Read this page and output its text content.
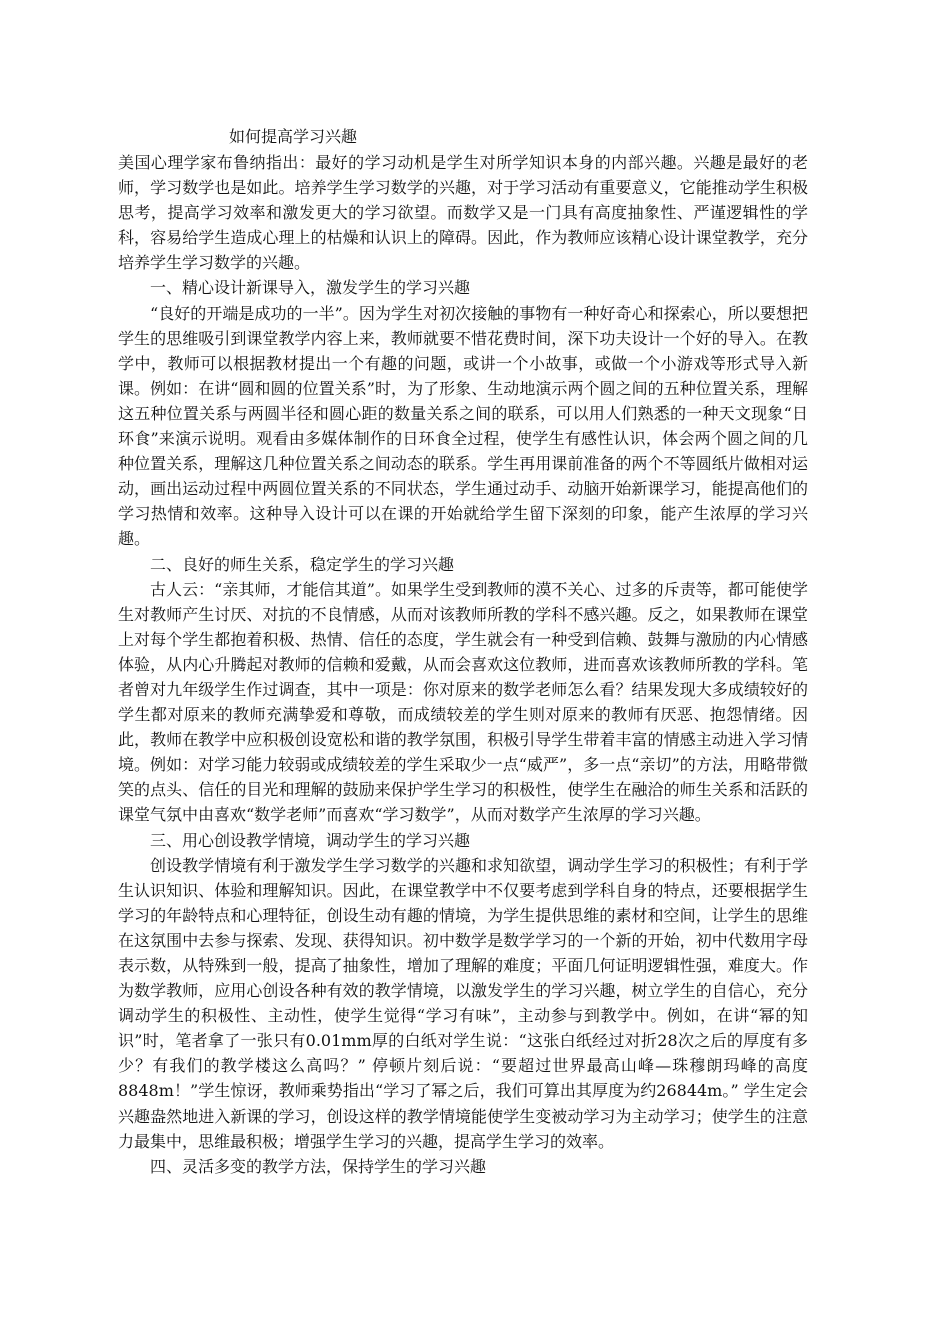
如何提高学习兴趣

美国心理学家布鲁纳指出：最好的学习动机是学生对所学知识本身的内部兴趣。兴趣是最好的老师，学习数学也是如此。培养学生学习数学的兴趣，对于学习活动有重要意义，它能推动学生积极思考，提高学习效率和激发更大的学习欲望。而数学又是一门具有高度抽象性、严谨逻辑性的学科，容易给学生造成心理上的枯燥和认识上的障碍。因此，作为教师应该精心设计课堂教学，充分培养学生学习数学的兴趣。

一、精心设计新课导入，激发学生的学习兴趣

“良好的开端是成功的一半”。因为学生对初次接触的事物有一种好奇心和探索心，所以要想把学生的思维吸引到课堂教学内容上来，教师就要不惜花费时间，深下功夫设计一个好的导入。在教学中，教师可以根据教材提出一个有趣的问题，或讲一个小故事，或做一个小游戏等形式导入新课。例如：在讲“圆和圆的位置关系”时，为了形象、生动地演示两个圆之间的五种位置关系，理解这五种位置关系与两圆半径和圆心距的数量关系之间的联系，可以用人们熟悉的一种天文现象“日环食”来演示说明。观看由多媒体制作的日环食全过程，使学生有感性认识，体会两个圆之间的几种位置关系，理解这几种位置关系之间动态的联系。学生再用课前准备的两个不等圆纸片做相对运动，画出运动过程中两圆位置关系的不同状态，学生通过动手、动脑开始新课学习，能提高他们的学习热情和效率。这种导入设计可以在课的开始就给学生留下深刻的印象，能产生浓厚的学习兴趣。

二、良好的师生关系，稳定学生的学习兴趣

古人云：“亲其师，才能信其道”。如果学生受到教师的漠不关心、过多的斥责等，都可能使学生对教师产生讨厌、对抗的不良情感，从而对该教师所教的学科不感兴趣。反之，如果教师在课堂上对每个学生都抱着积极、热情、信任的态度，学生就会有一种受到信赖、鼓舞与激励的内心情感体验，从内心升腾起对教师的信赖和爱戴，从而会喜欢这位教师，进而喜欢该教师所教的学科。笔者曾对九年级学生作过调查，其中一项是：你对原来的数学老师怎么看？结果发现大多成绩较好的学生都对原来的教师充满挚爱和尊敬，而成绩较差的学生则对原来的教师有厌恶、抱怨情绪。因此，教师在教学中应积极创设宽松和谐的教学氛围，积极引导学生带着丰富的情感主动进入学习情境。例如：对学习能力较弱或成绩较差的学生采取少一点“威严”，多一点“亲切”的方法，用略带微笑的点头、信任的目光和理解的鼓励来保护学生学习的积极性，使学生在融洽的师生关系和活跃的课堂气氛中由喜欢“数学老师”而喜欢“学习数学”，从而对数学产生浓厚的学习兴趣。

三、用心创设教学情境，调动学生的学习兴趣

创设教学情境有利于激发学生学习数学的兴趣和求知欲望，调动学生学习的积极性；有利于学生认识知识、体验和理解知识。因此，在课堂教学中不仅要考虑到学科自身的特点，还要根据学生学习的年龄特点和心理特征，创设生动有趣的情境，为学生提供思维的素材和空间，让学生的思维在这氛围中去参与探索、发现、获得知识。初中数学是数学学习的一个新的开始，初中代数用字母表示数，从特殊到一般，提高了抽象性，增加了理解的难度；平面几何证明逻辑性强，难度大。作为数学教师，应用心创设各种有效的教学情境，以激发学生的学习兴趣，树立学生的自信心，充分调动学生的积极性、主动性，使学生觉得“学习有味”，主动参与到教学中。例如，在讲“幂的知识”时，笔者拿了一张只有0.01mm厚的白纸对学生说：“这张白纸经过对折28次之后的厚度有多少？有我们的教学楼这么高吗？” 停顿片刻后说：“要超过世界最高山峰—珠穆朗玛峰的高度8848m！”学生惊讶，教师乘势指出“学习了幂之后，我们可算出其厚度为约26844m。” 学生定会兴趣盎然地进入新课的学习，创设这样的教学情境能使学生变被动学习为主动学习；使学生的注意力最集中，思维最积极；增强学生学习的兴趣，提高学生学习的效率。

四、灵活多变的教学方法，保持学生的学习兴趣
